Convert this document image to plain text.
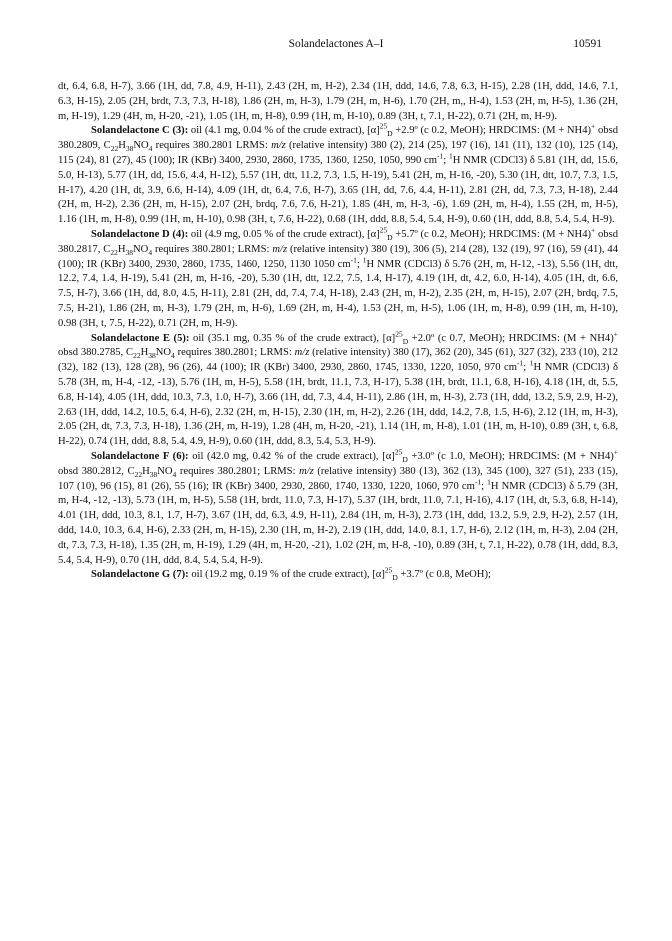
Solandelactones A–I	10591

dt, 6.4, 6.8, H-7), 3.66 (1H, dd, 7.8, 4.9, H-11), 2.43 (2H, m, H-2), 2.34 (1H, ddd, 14.6, 7.8, 6.3, H-15), 2.28 (1H, ddd, 14.6, 7.1, 6.3, H-15), 2.05 (2H, brdt, 7.3, 7.3, H-18), 1.86 (2H, m, H-3), 1.79 (2H, m, H-6), 1.70 (2H, m,, H-4), 1.53 (2H, m, H-5), 1.36 (2H, m, H-19), 1.29 (4H, m, H-20, -21), 1.05 (1H, m, H-8), 0.99 (1H, m, H-10), 0.89 (3H, t, 7.1, H-22), 0.71 (2H, m, H-9).

Solandelactone C (3): oil (4.1 mg, 0.04 % of the crude extract), $[\alpha]^{25}_D$ +2.9º (c 0.2, MeOH); HRDCIMS: (M + NH4)+ obsd 380.2809, $C_{22}H_{38}NO_4$ requires 380.2801 LRMS: m/z (relative intensity) 380 (2), 214 (25), 197 (16), 141 (11), 132 (10), 125 (14), 115 (24), 81 (27), 45 (100); IR (KBr) 3400, 2930, 2860, 1735, 1360, 1250, 1050, 990 $cm^{-1}$; $^1$H NMR (CDCl3) δ 5.81 (1H, dd, 15.6, 5.0, H-13), 5.77 (1H, dd, 15.6, 4.4, H-12), 5.57 (1H, dtt, 11.2, 7.3, 1.5, H-19), 5.41 (2H, m, H-16, -20), 5.30 (1H, dtt, 10.7, 7.3, 1.5, H-17), 4.20 (1H, dt, 3.9, 6.6, H-14), 4.09 (1H, dt, 6.4, 7.6, H-7), 3.65 (1H, dd, 7.6, 4.4, H-11), 2.81 (2H, dd, 7.3, 7.3, H-18), 2.44 (2H, m, H-2), 2.36 (2H, m, H-15), 2.07 (2H, brdq, 7.6, 7.6, H-21), 1.85 (4H, m, H-3, -6), 1.69 (2H, m, H-4), 1.55 (2H, m, H-5), 1.16 (1H, m, H-8), 0.99 (1H, m, H-10), 0.98 (3H, t, 7.6, H-22), 0.68 (1H, ddd, 8.8, 5.4, 5.4, H-9), 0.60 (1H, ddd, 8.8, 5.4, 5.4, H-9).

Solandelactone D (4): oil (4.9 mg, 0.05 % of the crude extract), $[\alpha]^{25}_D$ +5.7º (c 0.2, MeOH); HRDCIMS: (M + NH4)+ obsd 380.2817, $C_{22}H_{38}NO_4$ requires 380.2801; LRMS: m/z (relative intensity) 380 (19), 306 (5), 214 (28), 132 (19), 97 (16), 59 (41), 44 (100); IR (KBr) 3400, 2930, 2860, 1735, 1460, 1250, 1130 1050 $cm^{-1}$; $^1$H NMR (CDCl3) δ 5.76 (2H, m, H-12, -13), 5.56 (1H, dtt, 12.2, 7.4, 1.4, H-19), 5.41 (2H, m, H-16, -20), 5.30 (1H, dtt, 12.2, 7.5, 1.4, H-17), 4.19 (1H, dt, 4.2, 6.0, H-14), 4.05 (1H, dt, 6.6, 7.5, H-7), 3.66 (1H, dd, 8.0, 4.5, H-11), 2.81 (2H, dd, 7.4, 7.4, H-18), 2.43 (2H, m, H-2), 2.35 (2H, m, H-15), 2.07 (2H, brdq, 7.5, 7.5, H-21), 1.86 (2H, m, H-3), 1.79 (2H, m, H-6), 1.69 (2H, m, H-4), 1.53 (2H, m, H-5), 1.06 (1H, m, H-8), 0.99 (1H, m, H-10), 0.98 (3H, t, 7.5, H-22), 0.71 (2H, m, H-9).

Solandelactone E (5): oil (35.1 mg, 0.35 % of the crude extract), $[\alpha]^{25}_D$ +2.0º (c 0.7, MeOH); HRDCIMS: (M + NH4)+ obsd 380.2785, $C_{22}H_{38}NO_4$ requires 380.2801; LRMS: m/z (relative intensity) 380 (17), 362 (20), 345 (61), 327 (32), 233 (10), 212 (32), 182 (13), 128 (28), 96 (26), 44 (100); IR (KBr) 3400, 2930, 2860, 1745, 1330, 1220, 1050, 970 $cm^{-1}$; $^1$H NMR (CDCl3) δ 5.78 (3H, m, H-4, -12, -13), 5.76 (1H, m, H-5), 5.58 (1H, brdt, 11.1, 7.3, H-17), 5.38 (1H, brdt, 11.1, 6.8, H-16), 4.18 (1H, dt, 5.5, 6.8, H-14), 4.05 (1H, ddd, 10.3, 7.3, 1.0, H-7), 3.66 (1H, dd, 7.3, 4.4, H-11), 2.86 (1H, m, H-3), 2.73 (1H, ddd, 13.2, 5.9, 2.9, H-2), 2.63 (1H, ddd, 14.2, 10.5, 6.4, H-6), 2.32 (2H, m, H-15), 2.30 (1H, m, H-2), 2.26 (1H, ddd, 14.2, 7.8, 1.5, H-6), 2.12 (1H, m, H-3), 2.05 (2H, dt, 7.3, 7.3, H-18), 1.36 (2H, m, H-19), 1.28 (4H, m, H-20, -21), 1.14 (1H, m, H-8), 1.01 (1H, m, H-10), 0.89 (3H, t, 6.8, H-22), 0.74 (1H, ddd, 8.8, 5.4, 4.9, H-9), 0.60 (1H, ddd, 8.3, 5.4, 5.3, H-9).

Solandelactone F (6): oil (42.0 mg, 0.42 % of the crude extract), $[\alpha]^{25}_D$ +3.0º (c 1.0, MeOH); HRDCIMS: (M + NH4)+ obsd 380.2812, $C_{22}H_{38}NO_4$ requires 380.2801; LRMS: m/z (relative intensity) 380 (13), 362 (13), 345 (100), 327 (51), 233 (15), 107 (10), 96 (15), 81 (26), 55 (16); IR (KBr) 3400, 2930, 2860, 1740, 1330, 1220, 1060, 970 $cm^{-1}$; $^1$H NMR (CDCl3) δ 5.79 (3H, m, H-4, -12, -13), 5.73 (1H, m, H-5), 5.58 (1H, brdt, 11.0, 7.3, H-17), 5.37 (1H, brdt, 11.0, 7.1, H-16), 4.17 (1H, dt, 5.3, 6.8, H-14), 4.01 (1H, ddd, 10.3, 8.1, 1.7, H-7), 3.67 (1H, dd, 6.3, 4.9, H-11), 2.84 (1H, m, H-3), 2.73 (1H, ddd, 13.2, 5.9, 2.9, H-2), 2.57 (1H, ddd, 14.0, 10.3, 6.4, H-6), 2.33 (2H, m, H-15), 2.30 (1H, m, H-2), 2.19 (1H, ddd, 14.0, 8.1, 1.7, H-6), 2.12 (1H, m, H-3), 2.04 (2H, dt, 7.3, 7.3, H-18), 1.35 (2H, m, H-19), 1.29 (4H, m, H-20, -21), 1.02 (2H, m, H-8, -10), 0.89 (3H, t, 7.1, H-22), 0.78 (1H, ddd, 8.3, 5.4, 5.4, H-9), 0.70 (1H, ddd, 8.4, 5.4, 5.4, H-9).

Solandelactone G (7): oil (19.2 mg, 0.19 % of the crude extract), $[\alpha]^{25}_D$ +3.7º (c 0.8, MeOH);
